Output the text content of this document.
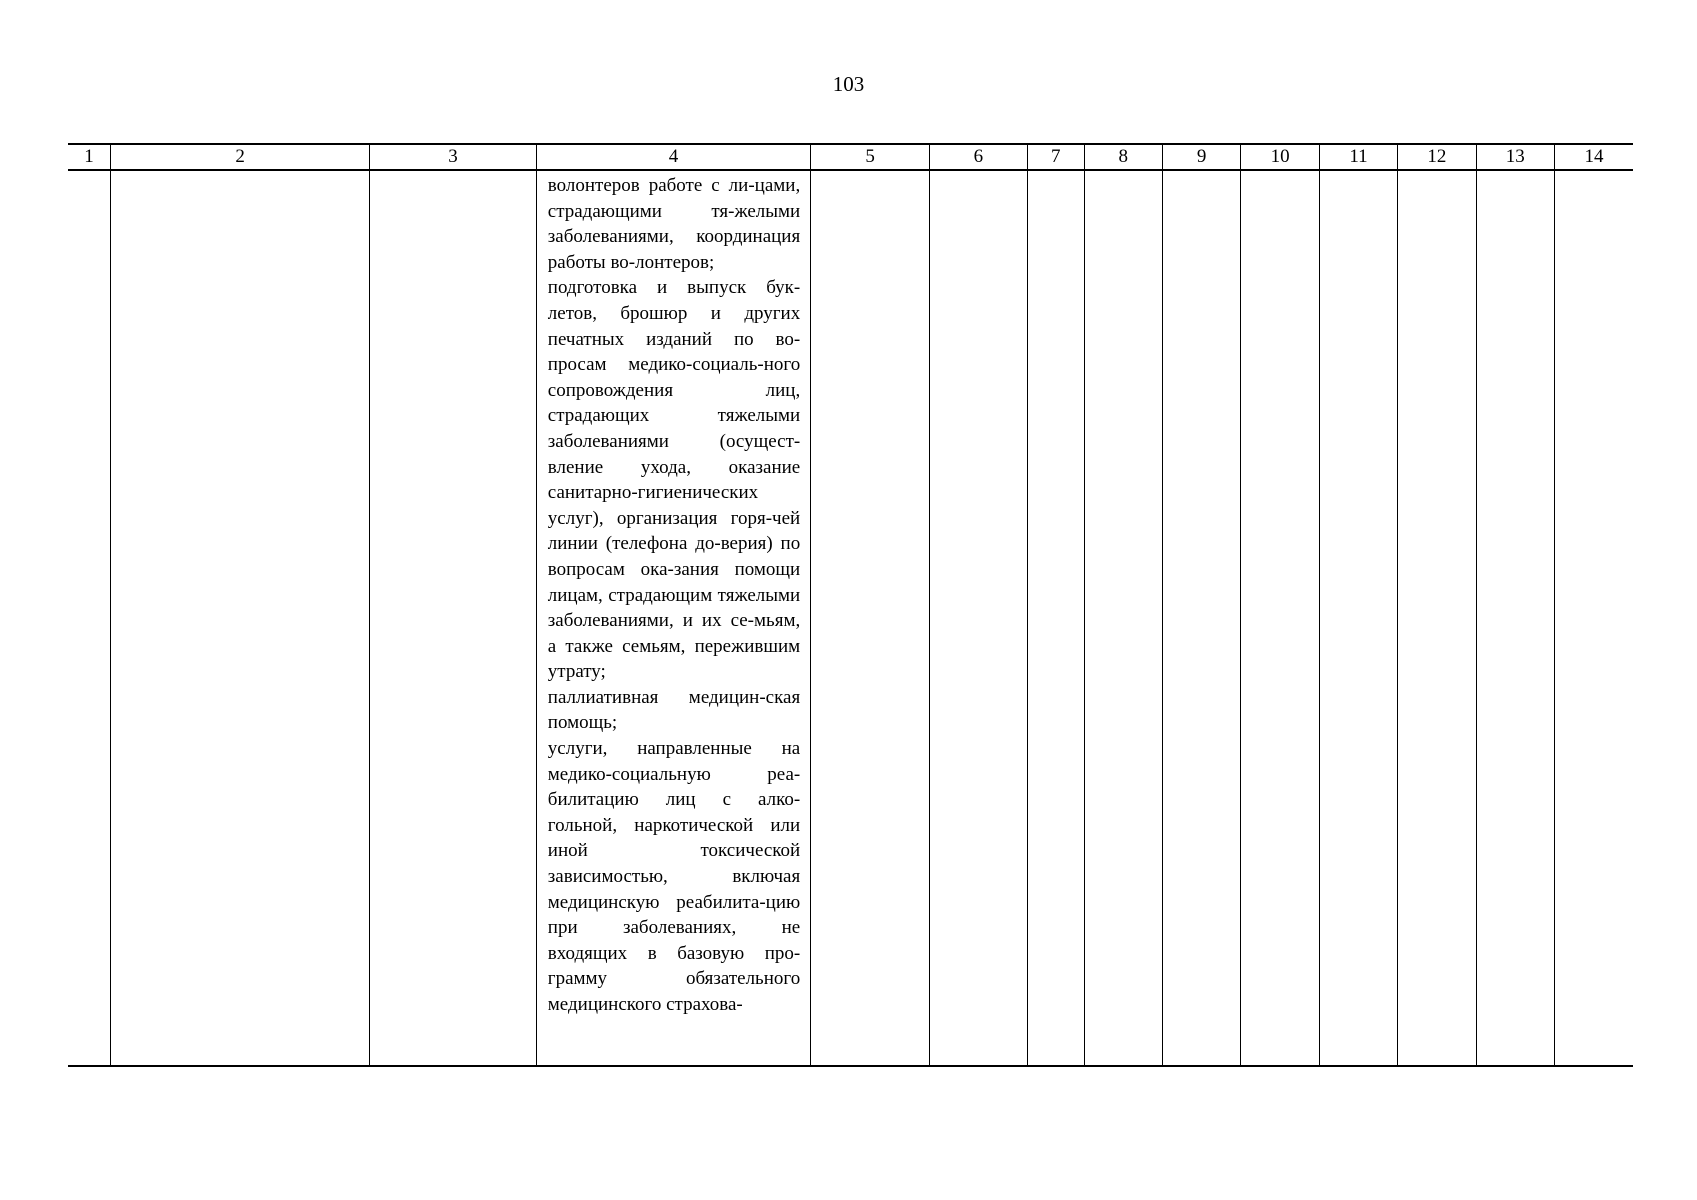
103
1	2	3	4	5	6	7	8	9	10	11	12	13	14

			волонтеров работе с ли-цами, страдающими тя-желыми заболеваниями, координация работы во-лонтеров;
подготовка и выпуск бук-летов, брошюр и других печатных изданий по во-просам медико-социаль-ного сопровождения лиц, страдающих тяжелыми заболеваниями (осущест-вление ухода, оказание санитарно-гигиенических услуг), организация горя-чей линии (телефона до-верия) по вопросам ока-зания помощи лицам, страдающим тяжелыми заболеваниями, и их се-мьям, а также семьям, пережившим утрату;
паллиативная медицин-ская помощь;
услуги, направленные на медико-социальную реа-билитацию лиц с алко-гольной, наркотической или иной токсической зависимостью, включая медицинскую реабилита-цию при заболеваниях, не входящих в базовую про-грамму обязательного медицинского страхова-										
